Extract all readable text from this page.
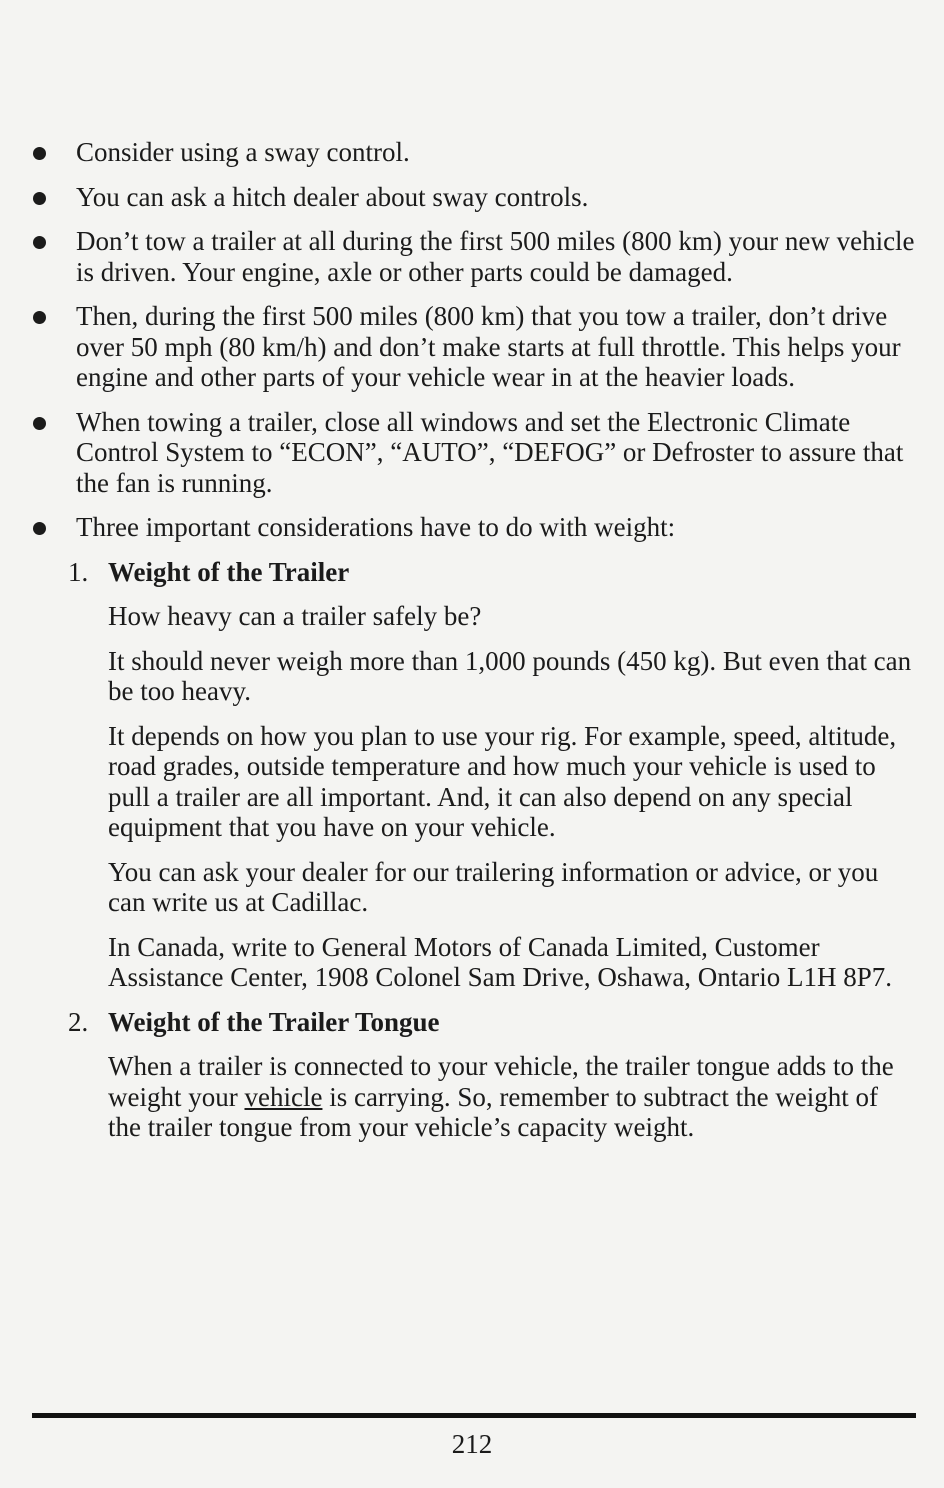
Consider using a sway control.
You can ask a hitch dealer about sway controls.
Don’t tow a trailer at all during the first 500 miles (800 km) your new vehicle is driven. Your engine, axle or other parts could be damaged.
Then, during the first 500 miles (800 km) that you tow a trailer, don’t drive over 50 mph (80 km/h) and don’t make starts at full throttle. This helps your engine and other parts of your vehicle wear in at the heavier loads.
When towing a trailer, close all windows and set the Electronic Climate Control System to “ECON”, “AUTO”, “DEFOG” or Defroster to assure that the fan is running.
Three important considerations have to do with weight:
1. Weight of the Trailer
How heavy can a trailer safely be?
It should never weigh more than 1,000 pounds (450 kg). But even that can be too heavy.
It depends on how you plan to use your rig. For example, speed, altitude, road grades, outside temperature and how much your vehicle is used to pull a trailer are all important. And, it can also depend on any special equipment that you have on your vehicle.
You can ask your dealer for our trailering information or advice, or you can write us at Cadillac.
In Canada, write to General Motors of Canada Limited, Customer Assistance Center, 1908 Colonel Sam Drive, Oshawa, Ontario L1H 8P7.
2. Weight of the Trailer Tongue
When a trailer is connected to your vehicle, the trailer tongue adds to the weight your vehicle is carrying. So, remember to subtract the weight of the trailer tongue from your vehicle’s capacity weight.
212
